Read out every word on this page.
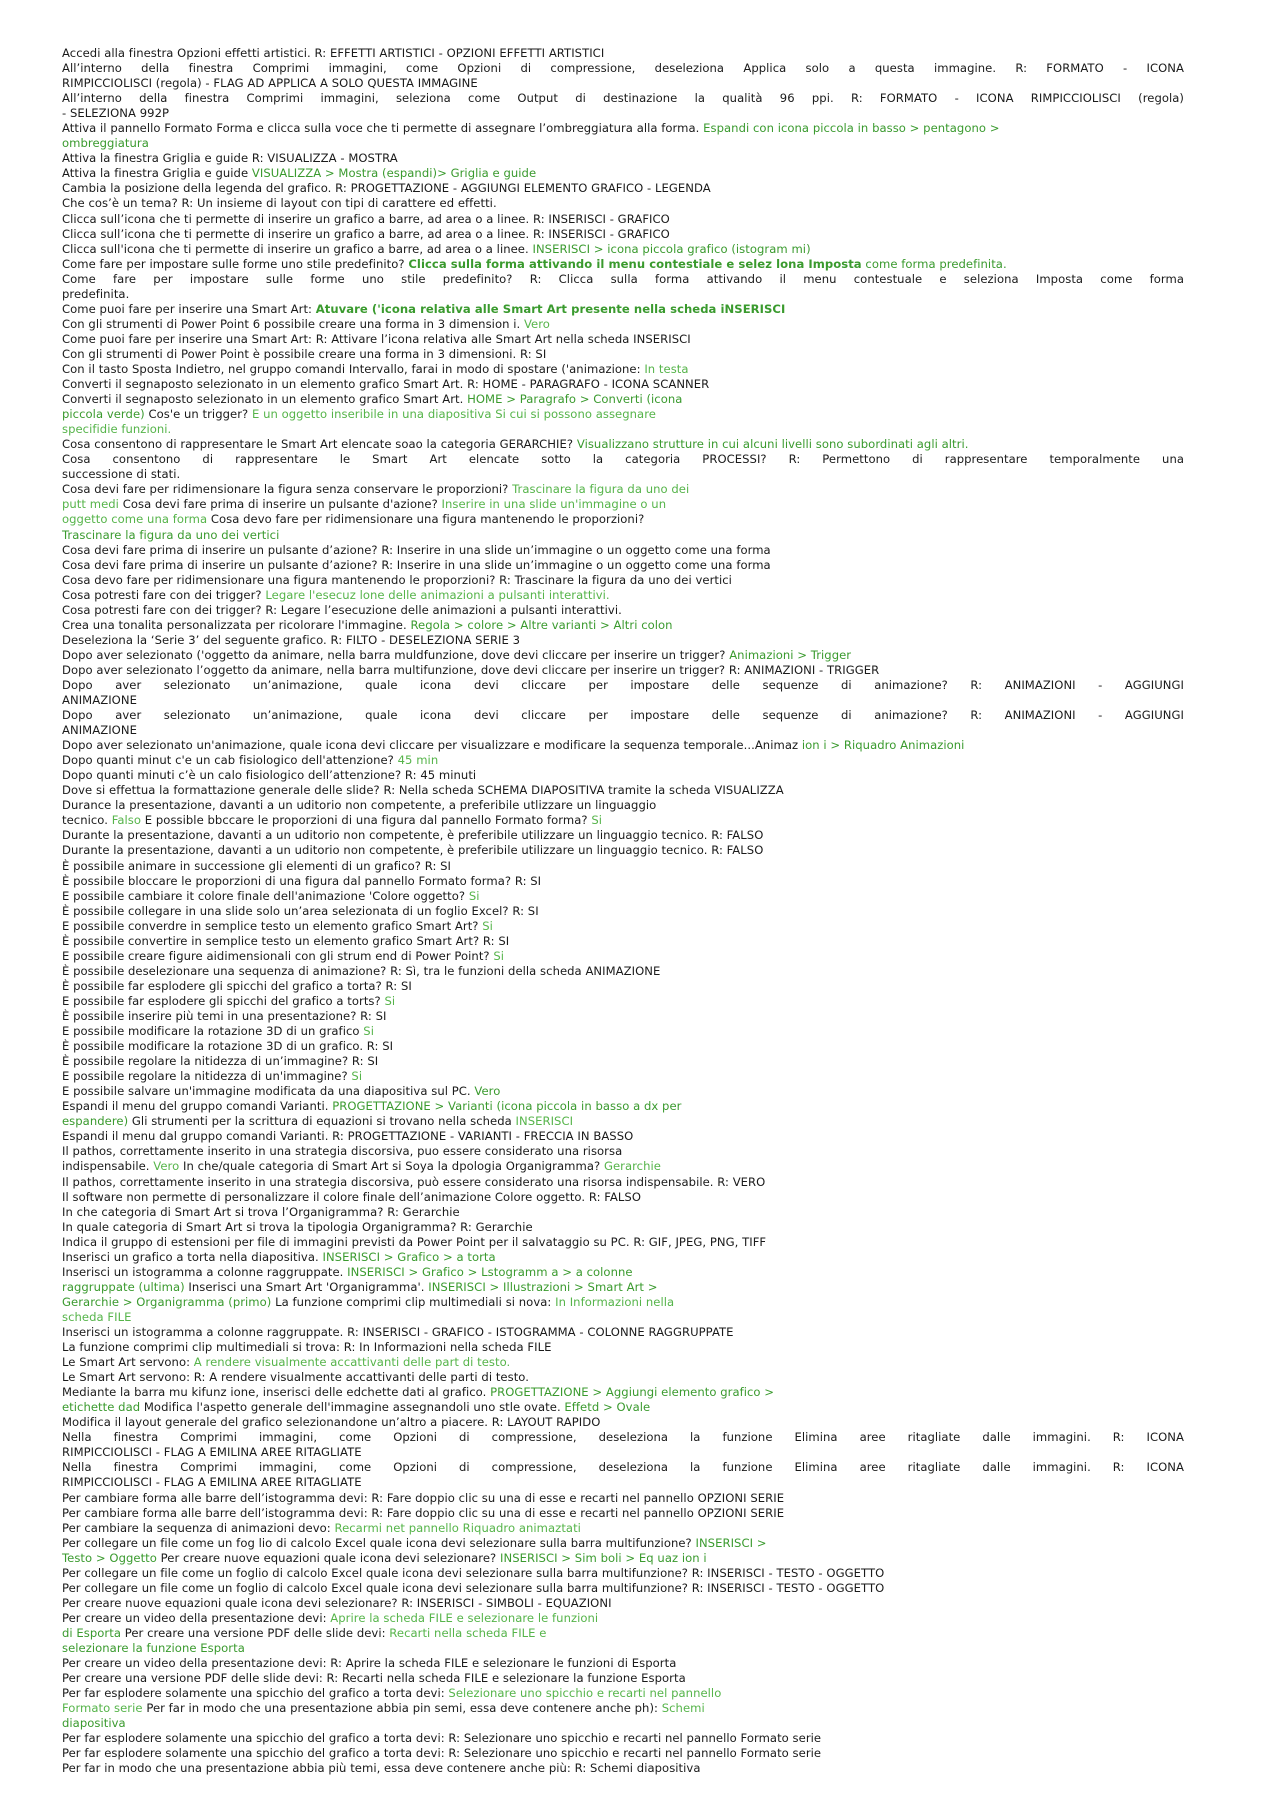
Accedi alla finestra Opzioni effetti artistici. R: EFFETTI ARTISTICI - OPZIONI EFFETTI ARTISTICI
All’interno della finestra Comprimi immagini, come Opzioni di compressione, deseleziona Applica solo a questa immagine. R: FORMATO - ICONA
RIMPICCIOLISCI (regola) - FLAG AD APPLICA A SOLO QUESTA IMMAGINE
All’interno della finestra Comprimi immagini, seleziona come Output di destinazione la qualità 96 ppi. R: FORMATO - ICONA RIMPICCIOLISCI (regola)
- SELEZIONA 992P
Attiva il pannello Formato Forma e clicca sulla voce che ti permette di assegnare l’ombreggiatura alla forma. Espandi con icona piccola in basso > pentagono >
ombreggiatura
Attiva la finestra Griglia e guide R: VISUALIZZA - MOSTRA
Attiva la finestra Griglia e guide VISUALIZZA > Mostra (espandi)> Griglia e guide
Cambia la posizione della legenda del grafico. R: PROGETTAZIONE - AGGIUNGI ELEMENTO GRAFICO - LEGENDA
Che cos’è un tema? R: Un insieme di layout con tipi di carattere ed effetti.
Clicca sull’icona che ti permette di inserire un grafico a barre, ad area o a linee. R: INSERISCI - GRAFICO
Clicca sull’icona che ti permette di inserire un grafico a barre, ad area o a linee. R: INSERISCI - GRAFICO
Clicca sull'icona che ti permette di inserire un grafico a barre, ad area o a linee. INSERISCI > icona piccola grafico (istogram mi)
Come fare per impostare sulle forme uno stile predefinito? Clicca sulla forma attivando il menu contestiale e selez lona Imposta come forma predefinita.
Come fare per impostare sulle forme uno stile predefinito? R: Clicca sulla forma attivando il menu contestuale e seleziona Imposta come forma
predefinita.
Come puoi fare per inserire una Smart Art: Atuvare ('icona relativa alle Smart Art presente nella scheda iNSERISCI
Con gli strumenti di Power Point 6 possibile creare una forma in 3 dimension i. Vero
Come puoi fare per inserire una Smart Art: R: Attivare l’icona relativa alle Smart Art nella scheda INSERISCI
Con gli strumenti di Power Point è possibile creare una forma in 3 dimensioni. R: SI
Con il tasto Sposta Indietro, nel gruppo comandi Intervallo, farai in modo di spostare ('animazione: In testa
Converti il segnaposto selezionato in un elemento grafico Smart Art. R: HOME - PARAGRAFO - ICONA SCANNER
Converti il segnaposto selezionato in un elemento grafico Smart Art. HOME > Paragrafo > Converti (icona
piccola verde) Cos'e un trigger? E un oggetto inseribile in una diapositiva Si cui si possono assegnare
specifidie funzioni.
Cosa consentono di rappresentare le Smart Art elencate soao la categoria GERARCHIE? Visualizzano strutture in cui alcuni livelli sono subordinati agli altri.
Cosa consentono di rappresentare le Smart Art elencate sotto la categoria PROCESSI? R: Permettono di rappresentare temporalmente una
successione di stati.
Cosa devi fare per ridimensionare la figura senza conservare le proporzioni? Trascinare la figura da uno dei
putt medi Cosa devi fare prima di inserire un pulsante d'azione? Inserire in una slide un'immagine o un
oggetto come una forma Cosa devo fare per ridimensionare una figura mantenendo le proporzioni?
Trascinare la figura da uno dei vertici
Cosa devi fare prima di inserire un pulsante d’azione? R: Inserire in una slide un’immagine o un oggetto come una forma
Cosa devi fare prima di inserire un pulsante d’azione? R: Inserire in una slide un’immagine o un oggetto come una forma
Cosa devo fare per ridimensionare una figura mantenendo le proporzioni? R: Trascinare la figura da uno dei vertici
Cosa potresti fare con dei trigger? Legare l'esecuz lone delle animazioni a pulsanti interattivi.
Cosa potresti fare con dei trigger? R: Legare l’esecuzione delle animazioni a pulsanti interattivi.
Crea una tonalita personalizzata per ricolorare l'immagine. Regola > colore > Altre varianti > Altri colon
Deseleziona la ‘Serie 3’ del seguente grafico. R: FILTO - DESELEZIONA SERIE 3
Dopo aver selezionato ('oggetto da animare, nella barra muldfunzione, dove devi cliccare per inserire un trigger? Animazioni > Trigger
Dopo aver selezionato l’oggetto da animare, nella barra multifunzione, dove devi cliccare per inserire un trigger? R: ANIMAZIONI - TRIGGER
Dopo aver selezionato un’animazione, quale icona devi cliccare per impostare delle sequenze di animazione? R: ANIMAZIONI - AGGIUNGI
ANIMAZIONE
Dopo aver selezionato un’animazione, quale icona devi cliccare per impostare delle sequenze di animazione? R: ANIMAZIONI - AGGIUNGI
ANIMAZIONE
Dopo aver selezionato un'animazione, quale icona devi cliccare per visualizzare e modificare la sequenza temporale...Animaz ion i > Riquadro Animazioni
Dopo quanti minut c'e un cab fisiologico dell'attenzione? 45 min
Dopo quanti minuti c’è un calo fisiologico dell’attenzione? R: 45 minuti
Dove si effettua la formattazione generale delle slide? R: Nella scheda SCHEMA DIAPOSITIVA tramite la scheda VISUALIZZA
Durance la presentazione, davanti a un uditorio non competente, a preferibile utlizzare un linguaggio
tecnico. Falso E possible bbccare le proporzioni di una figura dal pannello Formato forma? Si
Durante la presentazione, davanti a un uditorio non competente, è preferibile utilizzare un linguaggio tecnico. R: FALSO
Durante la presentazione, davanti a un uditorio non competente, è preferibile utilizzare un linguaggio tecnico. R: FALSO
È possibile animare in successione gli elementi di un grafico? R: SI
È possibile bloccare le proporzioni di una figura dal pannello Formato forma? R: SI
E possibile cambiare it colore finale dell'animazione 'Colore oggetto? Si
È possibile collegare in una slide solo un’area selezionata di un foglio Excel? R: SI
E possibile converdre in semplice testo un elemento grafico Smart Art? Si
È possibile convertire in semplice testo un elemento grafico Smart Art? R: SI
E possibile creare figure aidimensionali con gli strum end di Power Point? Si
È possibile deselezionare una sequenza di animazione? R: Sì, tra le funzioni della scheda ANIMAZIONE
È possibile far esplodere gli spicchi del grafico a torta? R: SI
E possibile far esplodere gli spicchi del grafico a torts? Si
È possibile inserire più temi in una presentazione? R: SI
E possibile modificare la rotazione 3D di un grafico Si
È possibile modificare la rotazione 3D di un grafico. R: SI
È possibile regolare la nitidezza di un’immagine? R: SI
E possibile regolare la nitidezza di un'immagine? Si
E possibile salvare un'immagine modificata da una diapositiva sul PC. Vero
Espandi il menu del gruppo comandi Varianti. PROGETTAZIONE > Varianti (icona piccola in basso a dx per
espandere) Gli strumenti per la scrittura di equazioni si trovano nella scheda INSERISCI
Espandi il menu dal gruppo comandi Varianti. R: PROGETTAZIONE - VARIANTI - FRECCIA IN BASSO
Il pathos, correttamente inserito in una strategia discorsiva, puo essere considerato una risorsa
indispensabile. Vero In che/quale categoria di Smart Art si Soya la dpologia Organigramma? Gerarchie
Il pathos, correttamente inserito in una strategia discorsiva, può essere considerato una risorsa indispensabile. R: VERO
Il software non permette di personalizzare il colore finale dell’animazione Colore oggetto. R: FALSO
In che categoria di Smart Art si trova l’Organigramma? R: Gerarchie
In quale categoria di Smart Art si trova la tipologia Organigramma? R: Gerarchie
Indica il gruppo di estensioni per file di immagini previsti da Power Point per il salvataggio su PC. R: GIF, JPEG, PNG, TIFF
Inserisci un grafico a torta nella diapositiva. INSERISCI > Grafico > a torta
Inserisci un istogramma a colonne raggruppate. INSERISCI > Grafico > Lstogramm a > a colonne
raggruppate (ultima) Inserisci una Smart Art 'Organigramma'. INSERISCI > Illustrazioni > Smart Art >
Gerarchie > Organigramma (primo) La funzione comprimi clip multimediali si nova: In Informazioni nella
scheda FILE
Inserisci un istogramma a colonne raggruppate. R: INSERISCI - GRAFICO - ISTOGRAMMA - COLONNE RAGGRUPPATE
La funzione comprimi clip multimediali si trova: R: In Informazioni nella scheda FILE
Le Smart Art servono: A rendere visualmente accattivanti delle part di testo.
Le Smart Art servono: R: A rendere visualmente accattivanti delle parti di testo.
Mediante la barra mu kifunz ione, inserisci delle edchette dati al grafico. PROGETTAZIONE > Aggiungi elemento grafico >
etichette dad Modifica l'aspetto generale dell'immagine assegnandoli uno stle ovate. Effetd > Ovale
Modifica il layout generale del grafico selezionandone un’altro a piacere. R: LAYOUT RAPIDO
Nella finestra Comprimi immagini, come Opzioni di compressione, deseleziona la funzione Elimina aree ritagliate dalle immagini. R: ICONA
RIMPICCIOLISCI - FLAG A EMILINA AREE RITAGLIATE
Nella finestra Comprimi immagini, come Opzioni di compressione, deseleziona la funzione Elimina aree ritagliate dalle immagini. R: ICONA
RIMPICCIOLISCI - FLAG A EMILINA AREE RITAGLIATE
Per cambiare forma alle barre dell’istogramma devi: R: Fare doppio clic su una di esse e recarti nel pannello OPZIONI SERIE
Per cambiare forma alle barre dell’istogramma devi: R: Fare doppio clic su una di esse e recarti nel pannello OPZIONI SERIE
Per cambiare la sequenza di animazioni devo: Recarmi net pannello Riquadro animaztati
Per collegare un file come un fog lio di calcolo Excel quale icona devi selezionare sulla barra multifunzione? INSERISCI >
Testo > Oggetto Per creare nuove equazioni quale icona devi selezionare? INSERISCI > Sim boli > Eq uaz ion i
Per collegare un file come un foglio di calcolo Excel quale icona devi selezionare sulla barra multifunzione? R: INSERISCI - TESTO - OGGETTO
Per collegare un file come un foglio di calcolo Excel quale icona devi selezionare sulla barra multifunzione? R: INSERISCI - TESTO - OGGETTO
Per creare nuove equazioni quale icona devi selezionare? R: INSERISCI - SIMBOLI - EQUAZIONI
Per creare un video della presentazione devi: Aprire la scheda FILE e selezionare le funzioni
di Esporta Per creare una versione PDF delle slide devi: Recarti nella scheda FILE e
selezionare la funzione Esporta
Per creare un video della presentazione devi: R: Aprire la scheda FILE e selezionare le funzioni di Esporta
Per creare una versione PDF delle slide devi: R: Recarti nella scheda FILE e selezionare la funzione Esporta
Per far esplodere solamente una spicchio del grafico a torta devi: Selezionare uno spicchio e recarti nel pannello
Formato serie Per far in modo che una presentazione abbia pin semi, essa deve contenere anche ph): Schemi
diapositiva
Per far esplodere solamente una spicchio del grafico a torta devi: R: Selezionare uno spicchio e recarti nel pannello Formato serie
Per far esplodere solamente una spicchio del grafico a torta devi: R: Selezionare uno spicchio e recarti nel pannello Formato serie
Per far in modo che una presentazione abbia più temi, essa deve contenere anche più: R: Schemi diapositiva
